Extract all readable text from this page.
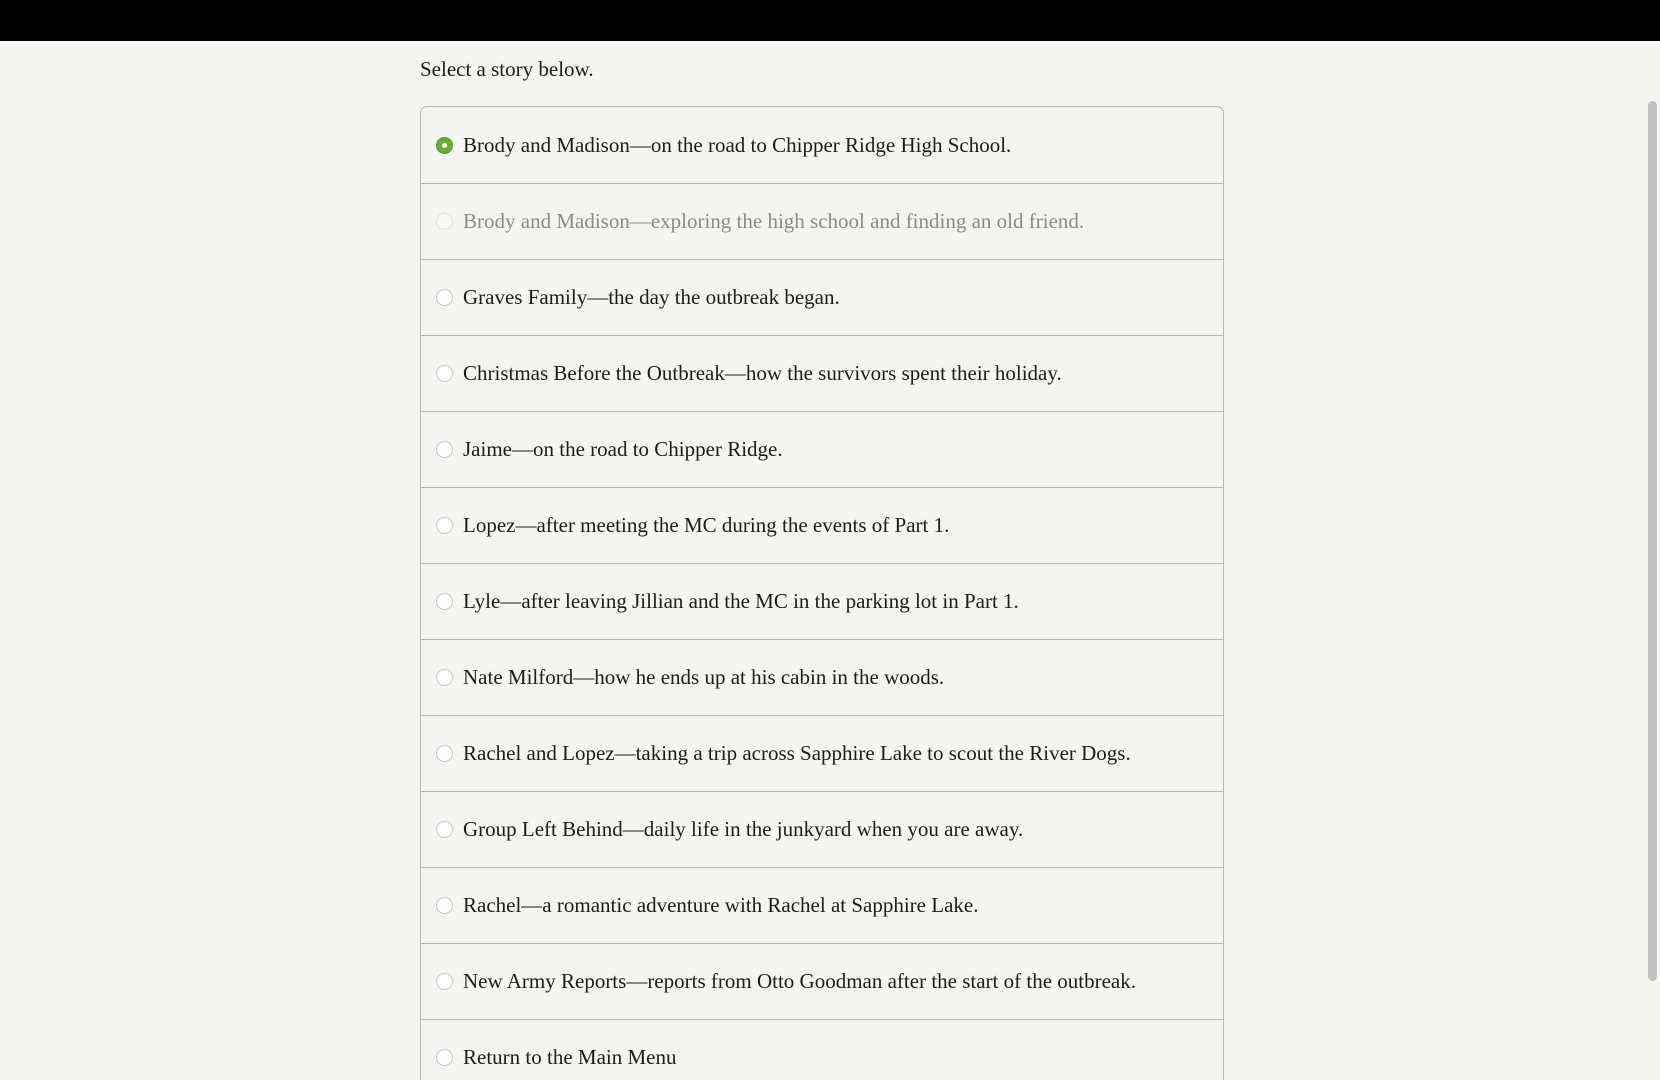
Select a story below.

Brody and Madison—on the road to Chipper Ridge High School.
Brody and Madison—exploring the high school and finding an old friend.
Graves Family—the day the outbreak began.
Christmas Before the Outbreak—how the survivors spent their holiday.
Jaime—on the road to Chipper Ridge.
Lopez—after meeting the MC during the events of Part 1.
Lyle—after leaving Jillian and the MC in the parking lot in Part 1.
Nate Milford—how he ends up at his cabin in the woods.
Rachel and Lopez—taking a trip across Sapphire Lake to scout the River Dogs.
Group Left Behind—daily life in the junkyard when you are away.
Rachel—a romantic adventure with Rachel at Sapphire Lake.
New Army Reports—reports from Otto Goodman after the start of the outbreak.
Return to the Main Menu
